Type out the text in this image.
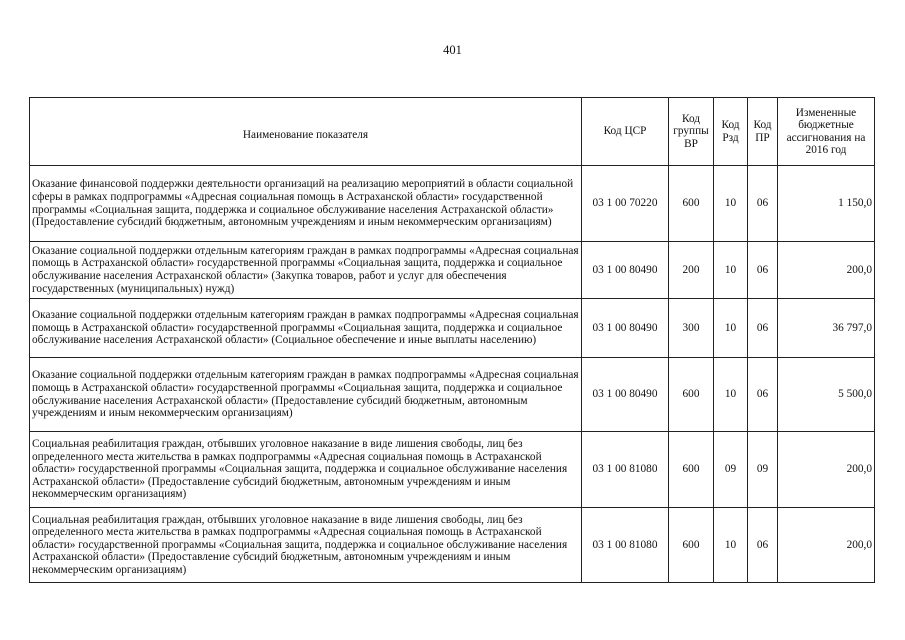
401
Наименование показателя	Код ЦСР	Код группы ВР	Код Рзд	Код ПР	Измененные бюджетные ассигнования на 2016 год
Оказание финансовой поддержки деятельности организаций на реализацию мероприятий в области социальной сферы в рамках подпрограммы «Адресная социальная помощь в Астраханской области» государственной программы «Социальная защита, поддержка и социальное обслуживание населения Астраханской области» (Предоставление субсидий бюджетным, автономным учреждениям и иным некоммерческим организациям)	03 1 00 70220	600	10	06	1 150,0
Оказание социальной поддержки отдельным категориям граждан в рамках подпрограммы «Адресная социальная помощь в Астраханской области» государственной программы «Социальная защита, поддержка и социальное обслуживание населения Астраханской области» (Закупка товаров, работ и услуг для обеспечения государственных (муниципальных) нужд)	03 1 00 80490	200	10	06	200,0
Оказание социальной поддержки отдельным категориям граждан в рамках подпрограммы «Адресная социальная помощь в Астраханской области» государственной программы «Социальная защита, поддержка и социальное обслуживание населения Астраханской области» (Социальное обеспечение и иные выплаты населению)	03 1 00 80490	300	10	06	36 797,0
Оказание социальной поддержки отдельным категориям граждан в рамках подпрограммы «Адресная социальная помощь в Астраханской области» государственной программы «Социальная защита, поддержка и социальное обслуживание населения Астраханской области» (Предоставление субсидий бюджетным, автономным учреждениям и иным некоммерческим организациям)	03 1 00 80490	600	10	06	5 500,0
Социальная реабилитация граждан, отбывших уголовное наказание в виде лишения свободы, лиц без определенного места жительства в рамках подпрограммы «Адресная социальная помощь в Астраханской области» государственной программы «Социальная защита, поддержка и социальное обслуживание населения Астраханской области» (Предоставление субсидий бюджетным, автономным учреждениям и иным некоммерческим организациям)	03 1 00 81080	600	09	09	200,0
Социальная реабилитация граждан, отбывших уголовное наказание в виде лишения свободы, лиц без определенного места жительства в рамках подпрограммы «Адресная социальная помощь в Астраханской области» государственной программы «Социальная защита, поддержка и социальное обслуживание населения Астраханской области» (Предоставление субсидий бюджетным, автономным учреждениям и иным некоммерческим организациям)	03 1 00 81080	600	10	06	200,0
